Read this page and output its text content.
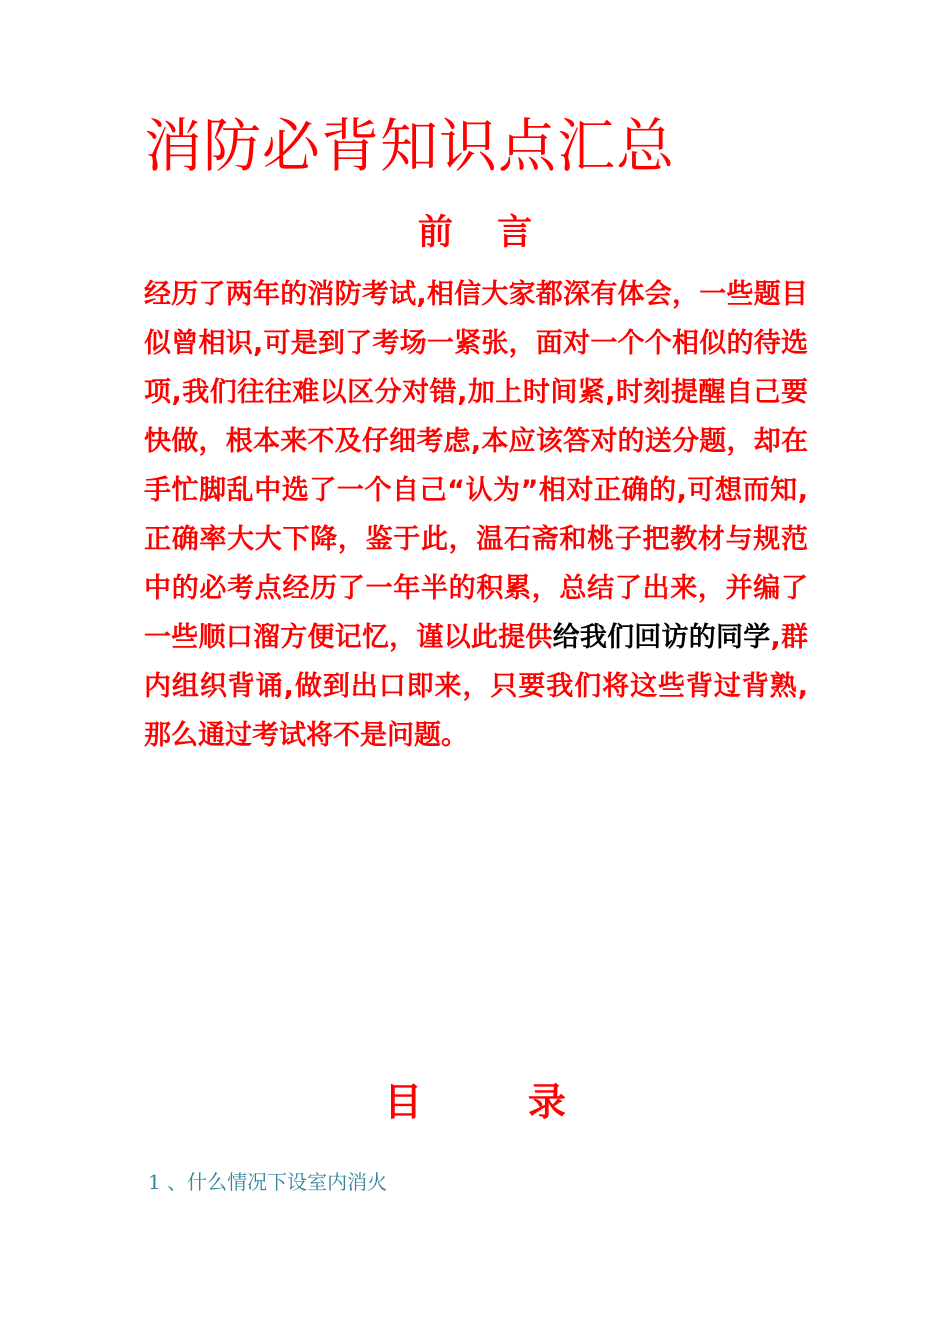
消防必背知识点汇总
前 言

经历了两年的消防考试,相信大家都深有体会，一些题目似曾相识,可是到了考场一紧张，面对一个个相似的待选项,我们往往难以区分对错,加上时间紧,时刻提醒自己要快做，根本来不及仔细考虑,本应该答对的送分题，却在手忙脚乱中选了一个自己“认为”相对正确的,可想而知,正确率大大下降，鉴于此，温石斋和桃子把教材与规范中的必考点经历了一年半的积累，总结了出来，并编了一些顺口溜方便记忆，谨以此提供给我们回访的同学,群内组织背诵,做到出口即来，只要我们将这些背过背熟,那么通过考试将不是问题。

目        录
1 、什么情况下设室内消火
